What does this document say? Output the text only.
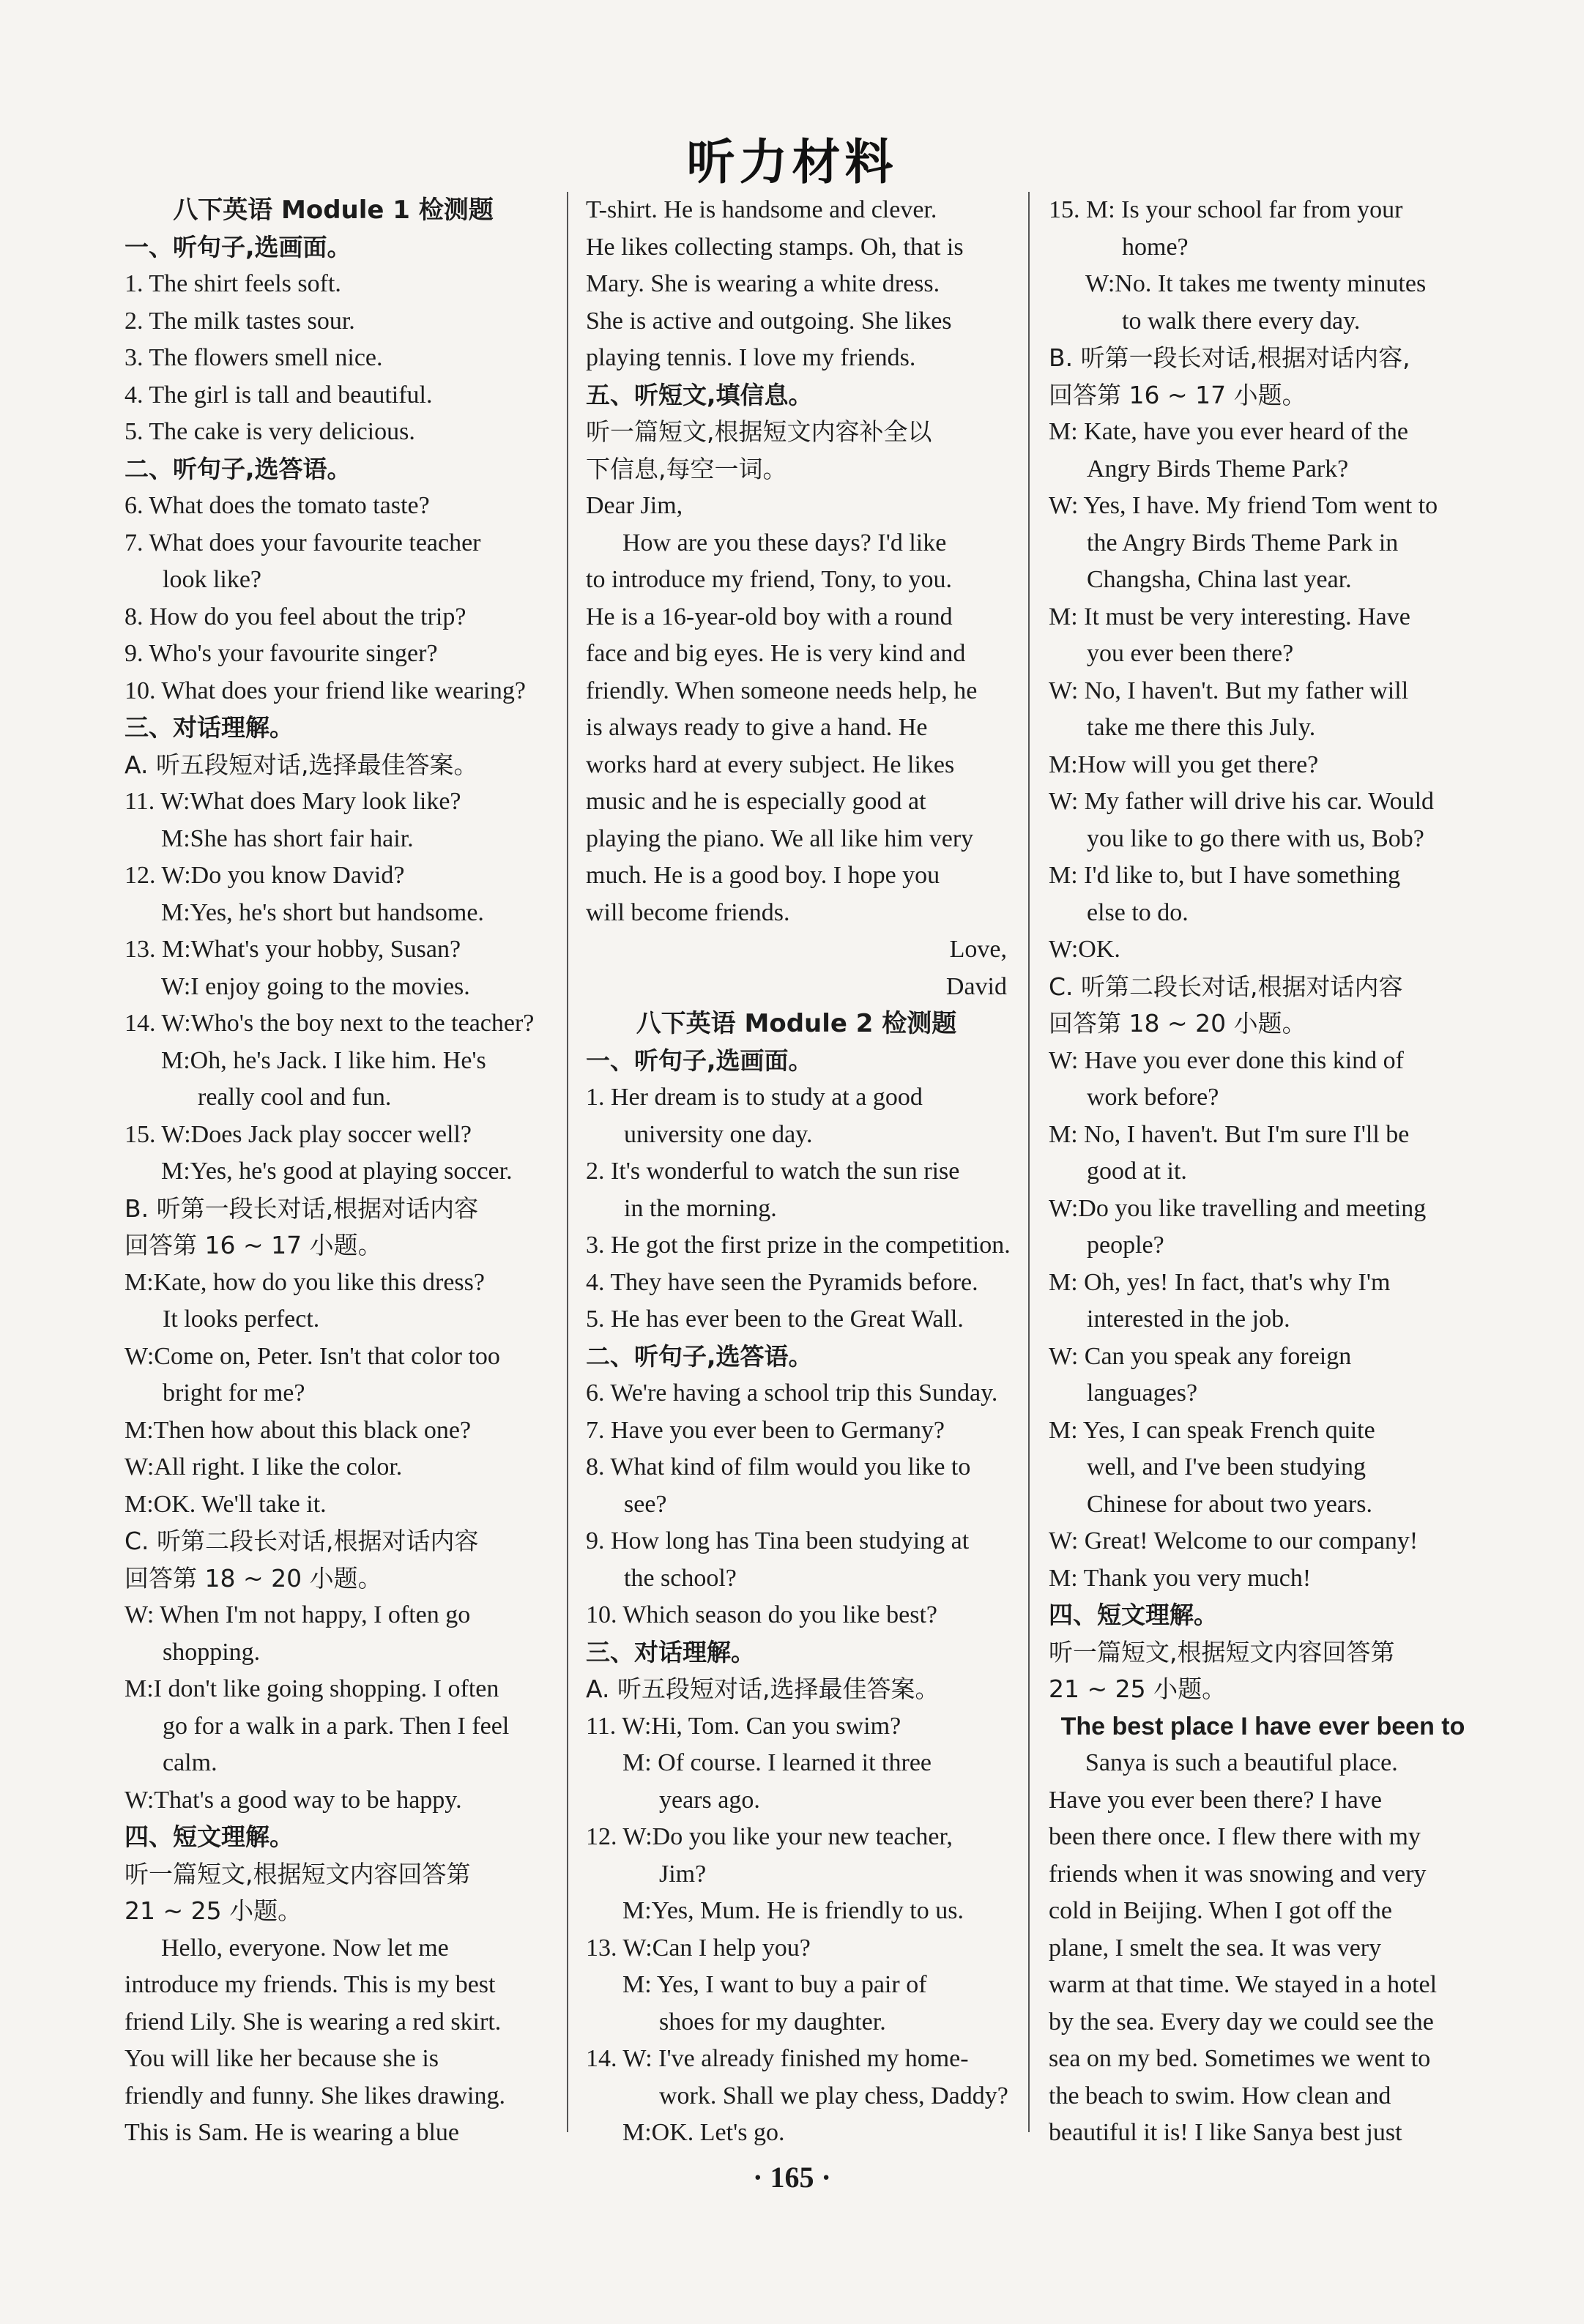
听力材料
八下英语 Module 1 检测题
一、听句子,选画面。
1. The shirt feels soft.
2. The milk tastes sour.
3. The flowers smell nice.
4. The girl is tall and beautiful.
5. The cake is very delicious.
二、听句子,选答语。
6. What does the tomato taste?
7. What does your favourite teacher
look like?
8. How do you feel about the trip?
9. Who's your favourite singer?
10. What does your friend like wearing?
三、对话理解。
A. 听五段短对话,选择最佳答案。
11. W:What does Mary look like?
M:She has short fair hair.
12. W:Do you know David?
M:Yes, he's short but handsome.
13. M:What's your hobby, Susan?
W:I enjoy going to the movies.
14. W:Who's the boy next to the teacher?
M:Oh, he's Jack. I like him. He's
really cool and fun.
15. W:Does Jack play soccer well?
M:Yes, he's good at playing soccer.
B. 听第一段长对话,根据对话内容
回答第 16 ~ 17 小题。
M:Kate, how do you like this dress?
It looks perfect.
W:Come on, Peter. Isn't that color too
bright for me?
M:Then how about this black one?
W:All right. I like the color.
M:OK. We'll take it.
C. 听第二段长对话,根据对话内容
回答第 18 ~ 20 小题。
W: When I'm not happy, I often go
shopping.
M:I don't like going shopping. I often
go for a walk in a park. Then I feel
calm.
W:That's a good way to be happy.
四、短文理解。
听一篇短文,根据短文内容回答第
21 ~ 25 小题。
Hello, everyone. Now let me
introduce my friends. This is my best
friend Lily. She is wearing a red skirt.
You will like her because she is
friendly and funny. She likes drawing.
This is Sam. He is wearing a blue
T-shirt. He is handsome and clever.
He likes collecting stamps. Oh, that is
Mary. She is wearing a white dress.
She is active and outgoing. She likes
playing tennis. I love my friends.
五、听短文,填信息。
听一篇短文,根据短文内容补全以
下信息,每空一词。
Dear Jim,
How are you these days? I'd like
to introduce my friend, Tony, to you.
He is a 16-year-old boy with a round
face and big eyes. He is very kind and
friendly. When someone needs help, he
is always ready to give a hand. He
works hard at every subject. He likes
music and he is especially good at
playing the piano. We all like him very
much. He is a good boy. I hope you
will become friends.
Love,
David
八下英语 Module 2 检测题
一、听句子,选画面。
1. Her dream is to study at a good
university one day.
2. It's wonderful to watch the sun rise
in the morning.
3. He got the first prize in the competition.
4. They have seen the Pyramids before.
5. He has ever been to the Great Wall.
二、听句子,选答语。
6. We're having a school trip this Sunday.
7. Have you ever been to Germany?
8. What kind of film would you like to
see?
9. How long has Tina been studying at
the school?
10. Which season do you like best?
三、对话理解。
A. 听五段短对话,选择最佳答案。
11. W:Hi, Tom. Can you swim?
M: Of course. I learned it three
years ago.
12. W:Do you like your new teacher,
Jim?
M:Yes, Mum. He is friendly to us.
13. W:Can I help you?
M: Yes, I want to buy a pair of
shoes for my daughter.
14. W: I've already finished my home-
work. Shall we play chess, Daddy?
M:OK. Let's go.
15. M: Is your school far from your
home?
W:No. It takes me twenty minutes
to walk there every day.
B. 听第一段长对话,根据对话内容,
回答第 16 ~ 17 小题。
M: Kate, have you ever heard of the
Angry Birds Theme Park?
W: Yes, I have. My friend Tom went to
the Angry Birds Theme Park in
Changsha, China last year.
M: It must be very interesting. Have
you ever been there?
W: No, I haven't. But my father will
take me there this July.
M:How will you get there?
W: My father will drive his car. Would
you like to go there with us, Bob?
M: I'd like to, but I have something
else to do.
W:OK.
C. 听第二段长对话,根据对话内容
回答第 18 ~ 20 小题。
W: Have you ever done this kind of
work before?
M: No, I haven't. But I'm sure I'll be
good at it.
W:Do you like travelling and meeting
people?
M: Oh, yes! In fact, that's why I'm
interested in the job.
W: Can you speak any foreign
languages?
M: Yes, I can speak French quite
well, and I've been studying
Chinese for about two years.
W: Great! Welcome to our company!
M: Thank you very much!
四、短文理解。
听一篇短文,根据短文内容回答第
21 ~ 25 小题。
The best place I have ever been to
Sanya is such a beautiful place.
Have you ever been there? I have
been there once. I flew there with my
friends when it was snowing and very
cold in Beijing. When I got off the
plane, I smelt the sea. It was very
warm at that time. We stayed in a hotel
by the sea. Every day we could see the
sea on my bed. Sometimes we went to
the beach to swim. How clean and
beautiful it is! I like Sanya best just
· 165 ·
